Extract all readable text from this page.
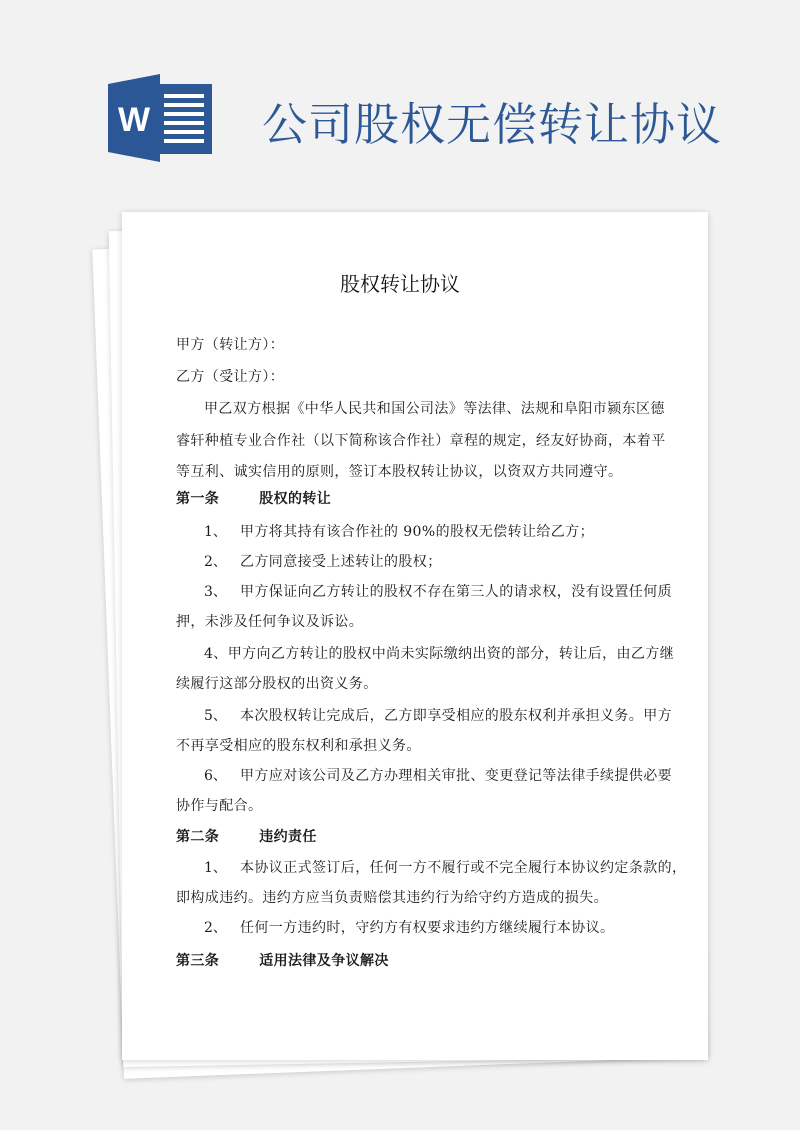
W 公司股权无偿转让协议
股权转让协议
甲方（转让方）：
乙方（受让方）：
甲乙双方根据《中华人民共和国公司法》等法律、法规和阜阳市颍东区德
睿轩种植专业合作社（以下简称该合作社）章程的规定，经友好协商，本着平
等互利、诚实信用的原则，签订本股权转让协议，以资双方共同遵守。
第一条	股权的转让
1、 甲方将其持有该合作社的 90%的股权无偿转让给乙方；
2、 乙方同意接受上述转让的股权；
3、 甲方保证向乙方转让的股权不存在第三人的请求权，没有设置任何质
押，未涉及任何争议及诉讼。
4、甲方向乙方转让的股权中尚未实际缴纳出资的部分，转让后，由乙方继
续履行这部分股权的出资义务。
5、 本次股权转让完成后，乙方即享受相应的股东权利并承担义务。甲方
不再享受相应的股东权利和承担义务。
6、 甲方应对该公司及乙方办理相关审批、变更登记等法律手续提供必要
协作与配合。
第二条	违约责任
1、 本协议正式签订后，任何一方不履行或不完全履行本协议约定条款的，
即构成违约。违约方应当负责赔偿其违约行为给守约方造成的损失。
2、 任何一方违约时，守约方有权要求违约方继续履行本协议。
第三条	适用法律及争议解决
